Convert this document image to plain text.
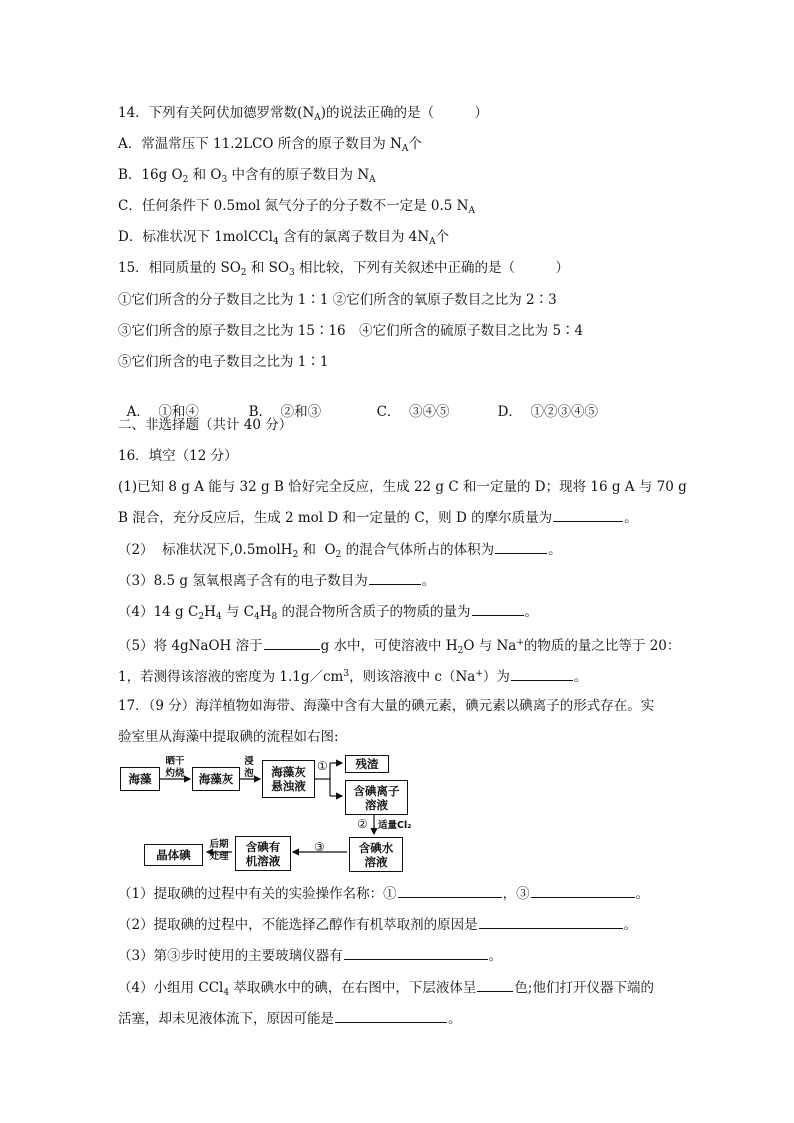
14．下列有关阿伏加德罗常数$(N_A)$的说法正确的是（　　　）
A．常温常压下 11.2LCO 所含的原子数目为 $N_A$个
B．16g $O_2$ 和 $O_3$ 中含有的原子数目为 $N_A$
C．任何条件下 0.5mol 氮气分子的分子数不一定是 0.5 $N_A$
D．标准状况下 1molCCl$_4$ 含有的氯离子数目为 $4N_A$个
15．相同质量的 $SO_2$ 和 $SO_3$ 相比较，下列有关叙述中正确的是（　　　）
①它们所含的分子数目之比为 1∶1 ②它们所含的氧原子数目之比为 2∶3
③它们所含的原子数目之比为 15∶16　④它们所含的硫原子数目之比为 5∶4
⑤它们所含的电子数目之比为 1∶1

A．  ①和④	B．  ②和③	C．  ③④⑤	D．  ①②③④⑤

二、非选择题（共计 40 分）
16．填空（12 分）
(1)已知 8 g A 能与 32 g B 恰好完全反应，生成 22 g C 和一定量的 D；现将 16 g A 与 70 g
B 混合，充分反应后，生成 2 mol D 和一定量的 C，则 D 的摩尔质量为	。
（2）  标准状况下,0.5molH$_2$ 和  $O_2$ 的混合气体所占的体积为	。
（3）8.5 g 氢氧根离子含有的电子数目为	。
（4）14 g $C_2H_4$ 与 $C_4H_8$ 的混合物所含质子的物质的量为	。
（5）将 4gNaOH 溶于	g 水中，可使溶液中 $H_2O$ 与 Na+的物质的量之比等于 20：
1，若测得该溶液的密度为 $1.1g/cm^3$，则该溶液中 c（Na+）为	。
17．（9 分）海洋植物如海带、海藻中含有大量的碘元素，碘元素以碘离子的形式存在。实
验室里从海藻中提取碘的流程如右图:
海藻
晒干
灼烧	海藻灰
浸
泡	海藻灰
悬浊液
①	残渣
含碘离子
溶液
② 适量Cl₂
含碘水
溶液
③
含碘有
机溶液
后期
处理
晶体碘
（1）提取碘的过程中有关的实验操作名称：①	，③	。
（2）提取碘的过程中，不能选择乙醇作有机萃取剂的原因是	。
（3）第③步时使用的主要玻璃仪器有	。
（4）小组用 CCl$_4$ 萃取碘水中的碘，在右图中，下层液体呈	色;他们打开仪器下端的
活塞，却未见液体流下，原因可能是	。
